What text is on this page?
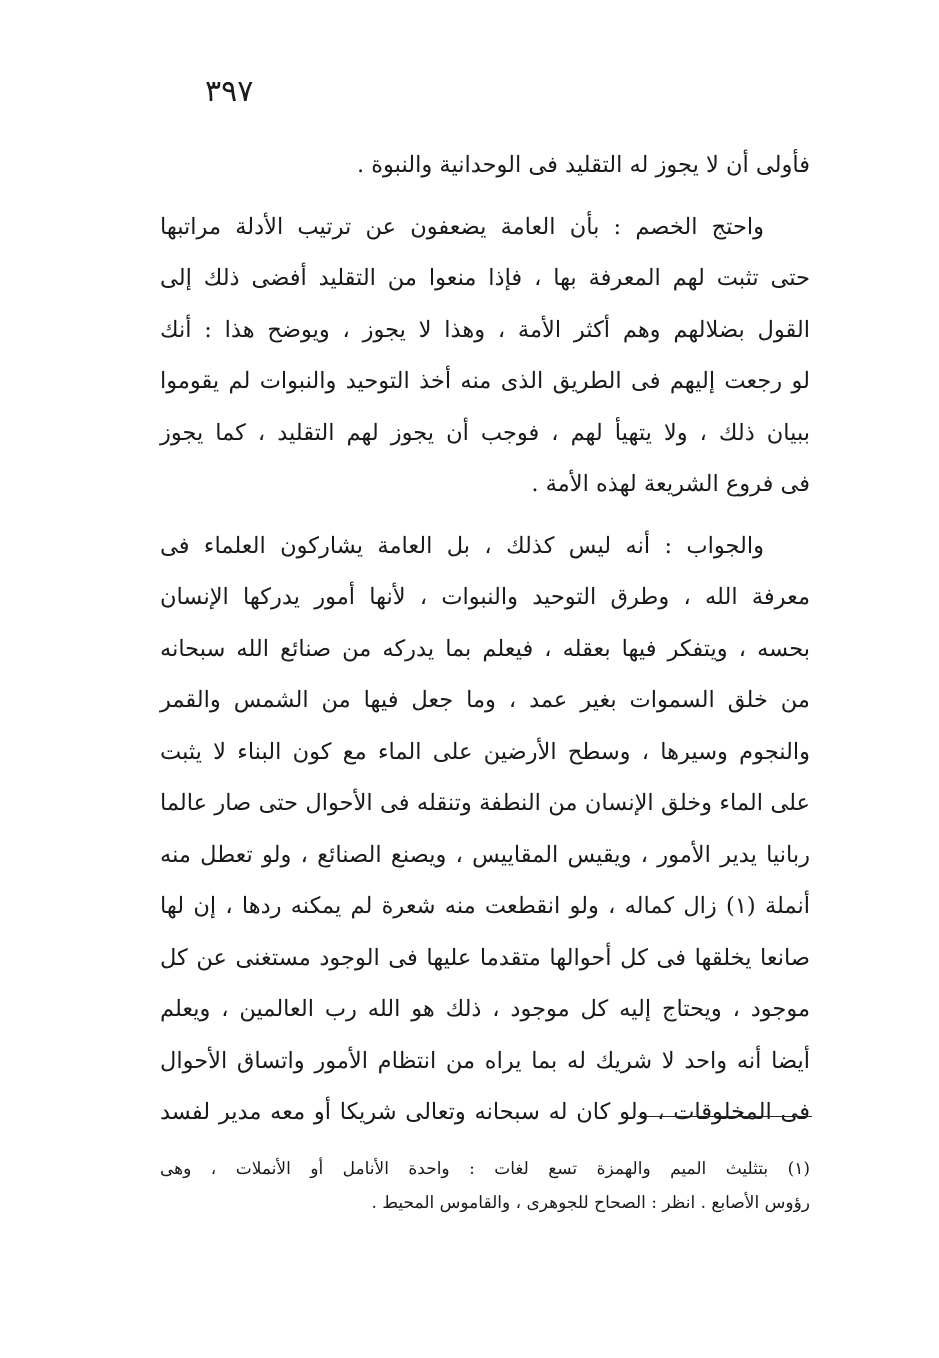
٣٩٧
فأولى أن لا يجوز له التقليد فى الوحدانية والنبوة .
واحتج الخصم : بأن العامة يضعفون عن ترتيب الأدلة مراتبها
حتى تثبت لهم المعرفة بها ، فإذا منعوا من التقليد أفضى ذلك إلى
القول بضلالهم وهم أكثر الأمة ، وهذا لا يجوز ، ويوضح هذا : أنك
لو رجعت إليهم فى الطريق الذى منه أخذ التوحيد والنبوات لم يقوموا
ببيان ذلك ، ولا يتهيأ لهم ، فوجب أن يجوز لهم التقليد ، كما يجوز
فى فروع الشريعة لهذه الأمة .
والجواب : أنه ليس كذلك ، بل العامة يشاركون العلماء فى
معرفة الله ، وطرق التوحيد والنبوات ، لأنها أمور يدركها الإنسان
بحسه ، ويتفكر فيها بعقله ، فيعلم بما يدركه من صنائع الله سبحانه
من خلق السموات بغير عمد ، وما جعل فيها من الشمس والقمر
والنجوم وسيرها ، وسطح الأرضين على الماء مع كون البناء لا يثبت
على الماء وخلق الإنسان من النطفة وتنقله فى الأحوال حتى صار عالما
ربانيا يدير الأمور ، ويقيس المقاييس ، ويصنع الصنائع ، ولو تعطل منه
أنملة (١) زال كماله ، ولو انقطعت منه شعرة لم يمكنه ردها ، إن لها
صانعا يخلقها فى كل أحوالها متقدما عليها فى الوجود مستغنى عن كل
موجود ، ويحتاج إليه كل موجود ، ذلك هو الله رب العالمين ، ويعلم
أيضا أنه واحد لا شريك له بما يراه من انتظام الأمور واتساق الأحوال
فى المخلوقات ، ولو كان له سبحانه وتعالى شريكا أو معه مدير لفسد
(١) بتثليث الميم والهمزة تسع لغات : واحدة الأنامل أو الأنملات ، وهى
رؤوس الأصابع . انظر : الصحاح للجوهرى ، والقاموس المحيط .
